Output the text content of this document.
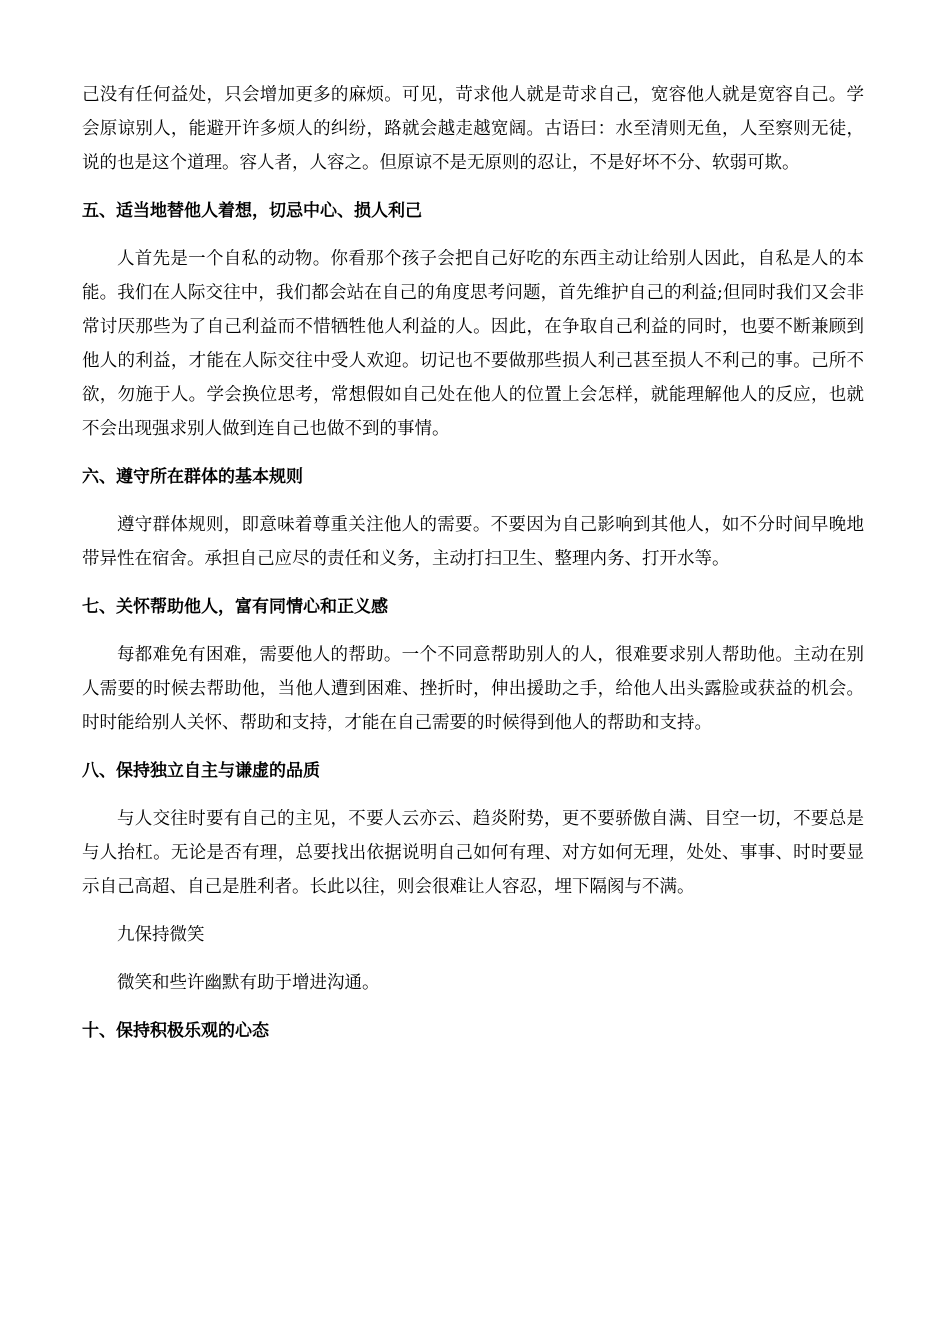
己没有任何益处，只会增加更多的麻烦。可见，苛求他人就是苛求自己，宽容他人就是宽容自己。学会原谅别人，能避开许多烦人的纠纷，路就会越走越宽阔。古语曰：水至清则无鱼，人至察则无徒，说的也是这个道理。容人者，人容之。但原谅不是无原则的忍让，不是好坏不分、软弱可欺。

五、适当地替他人着想，切忌中心、损人利己

人首先是一个自私的动物。你看那个孩子会把自己好吃的东西主动让给别人因此，自私是人的本能。我们在人际交往中，我们都会站在自己的角度思考问题，首先维护自己的利益;但同时我们又会非常讨厌那些为了自己利益而不惜牺牲他人利益的人。因此，在争取自己利益的同时，也要不断兼顾到他人的利益，才能在人际交往中受人欢迎。切记也不要做那些损人利己甚至损人不利己的事。己所不欲，勿施于人。学会换位思考，常想假如自己处在他人的位置上会怎样，就能理解他人的反应，也就不会出现强求别人做到连自己也做不到的事情。

六、遵守所在群体的基本规则

遵守群体规则，即意味着尊重关注他人的需要。不要因为自己影响到其他人，如不分时间早晚地带异性在宿舍。承担自己应尽的责任和义务，主动打扫卫生、整理内务、打开水等。

七、关怀帮助他人，富有同情心和正义感

每都难免有困难，需要他人的帮助。一个不同意帮助别人的人，很难要求别人帮助他。主动在别人需要的时候去帮助他，当他人遭到困难、挫折时，伸出援助之手，给他人出头露脸或获益的机会。时时能给别人关怀、帮助和支持，才能在自己需要的时候得到他人的帮助和支持。

八、保持独立自主与谦虚的品质

与人交往时要有自己的主见，不要人云亦云、趋炎附势，更不要骄傲自满、目空一切，不要总是与人抬杠。无论是否有理，总要找出依据说明自己如何有理、对方如何无理，处处、事事、时时要显示自己高超、自己是胜利者。长此以往，则会很难让人容忍，埋下隔阂与不满。

九保持微笑

微笑和些许幽默有助于增进沟通。

十、保持积极乐观的心态
